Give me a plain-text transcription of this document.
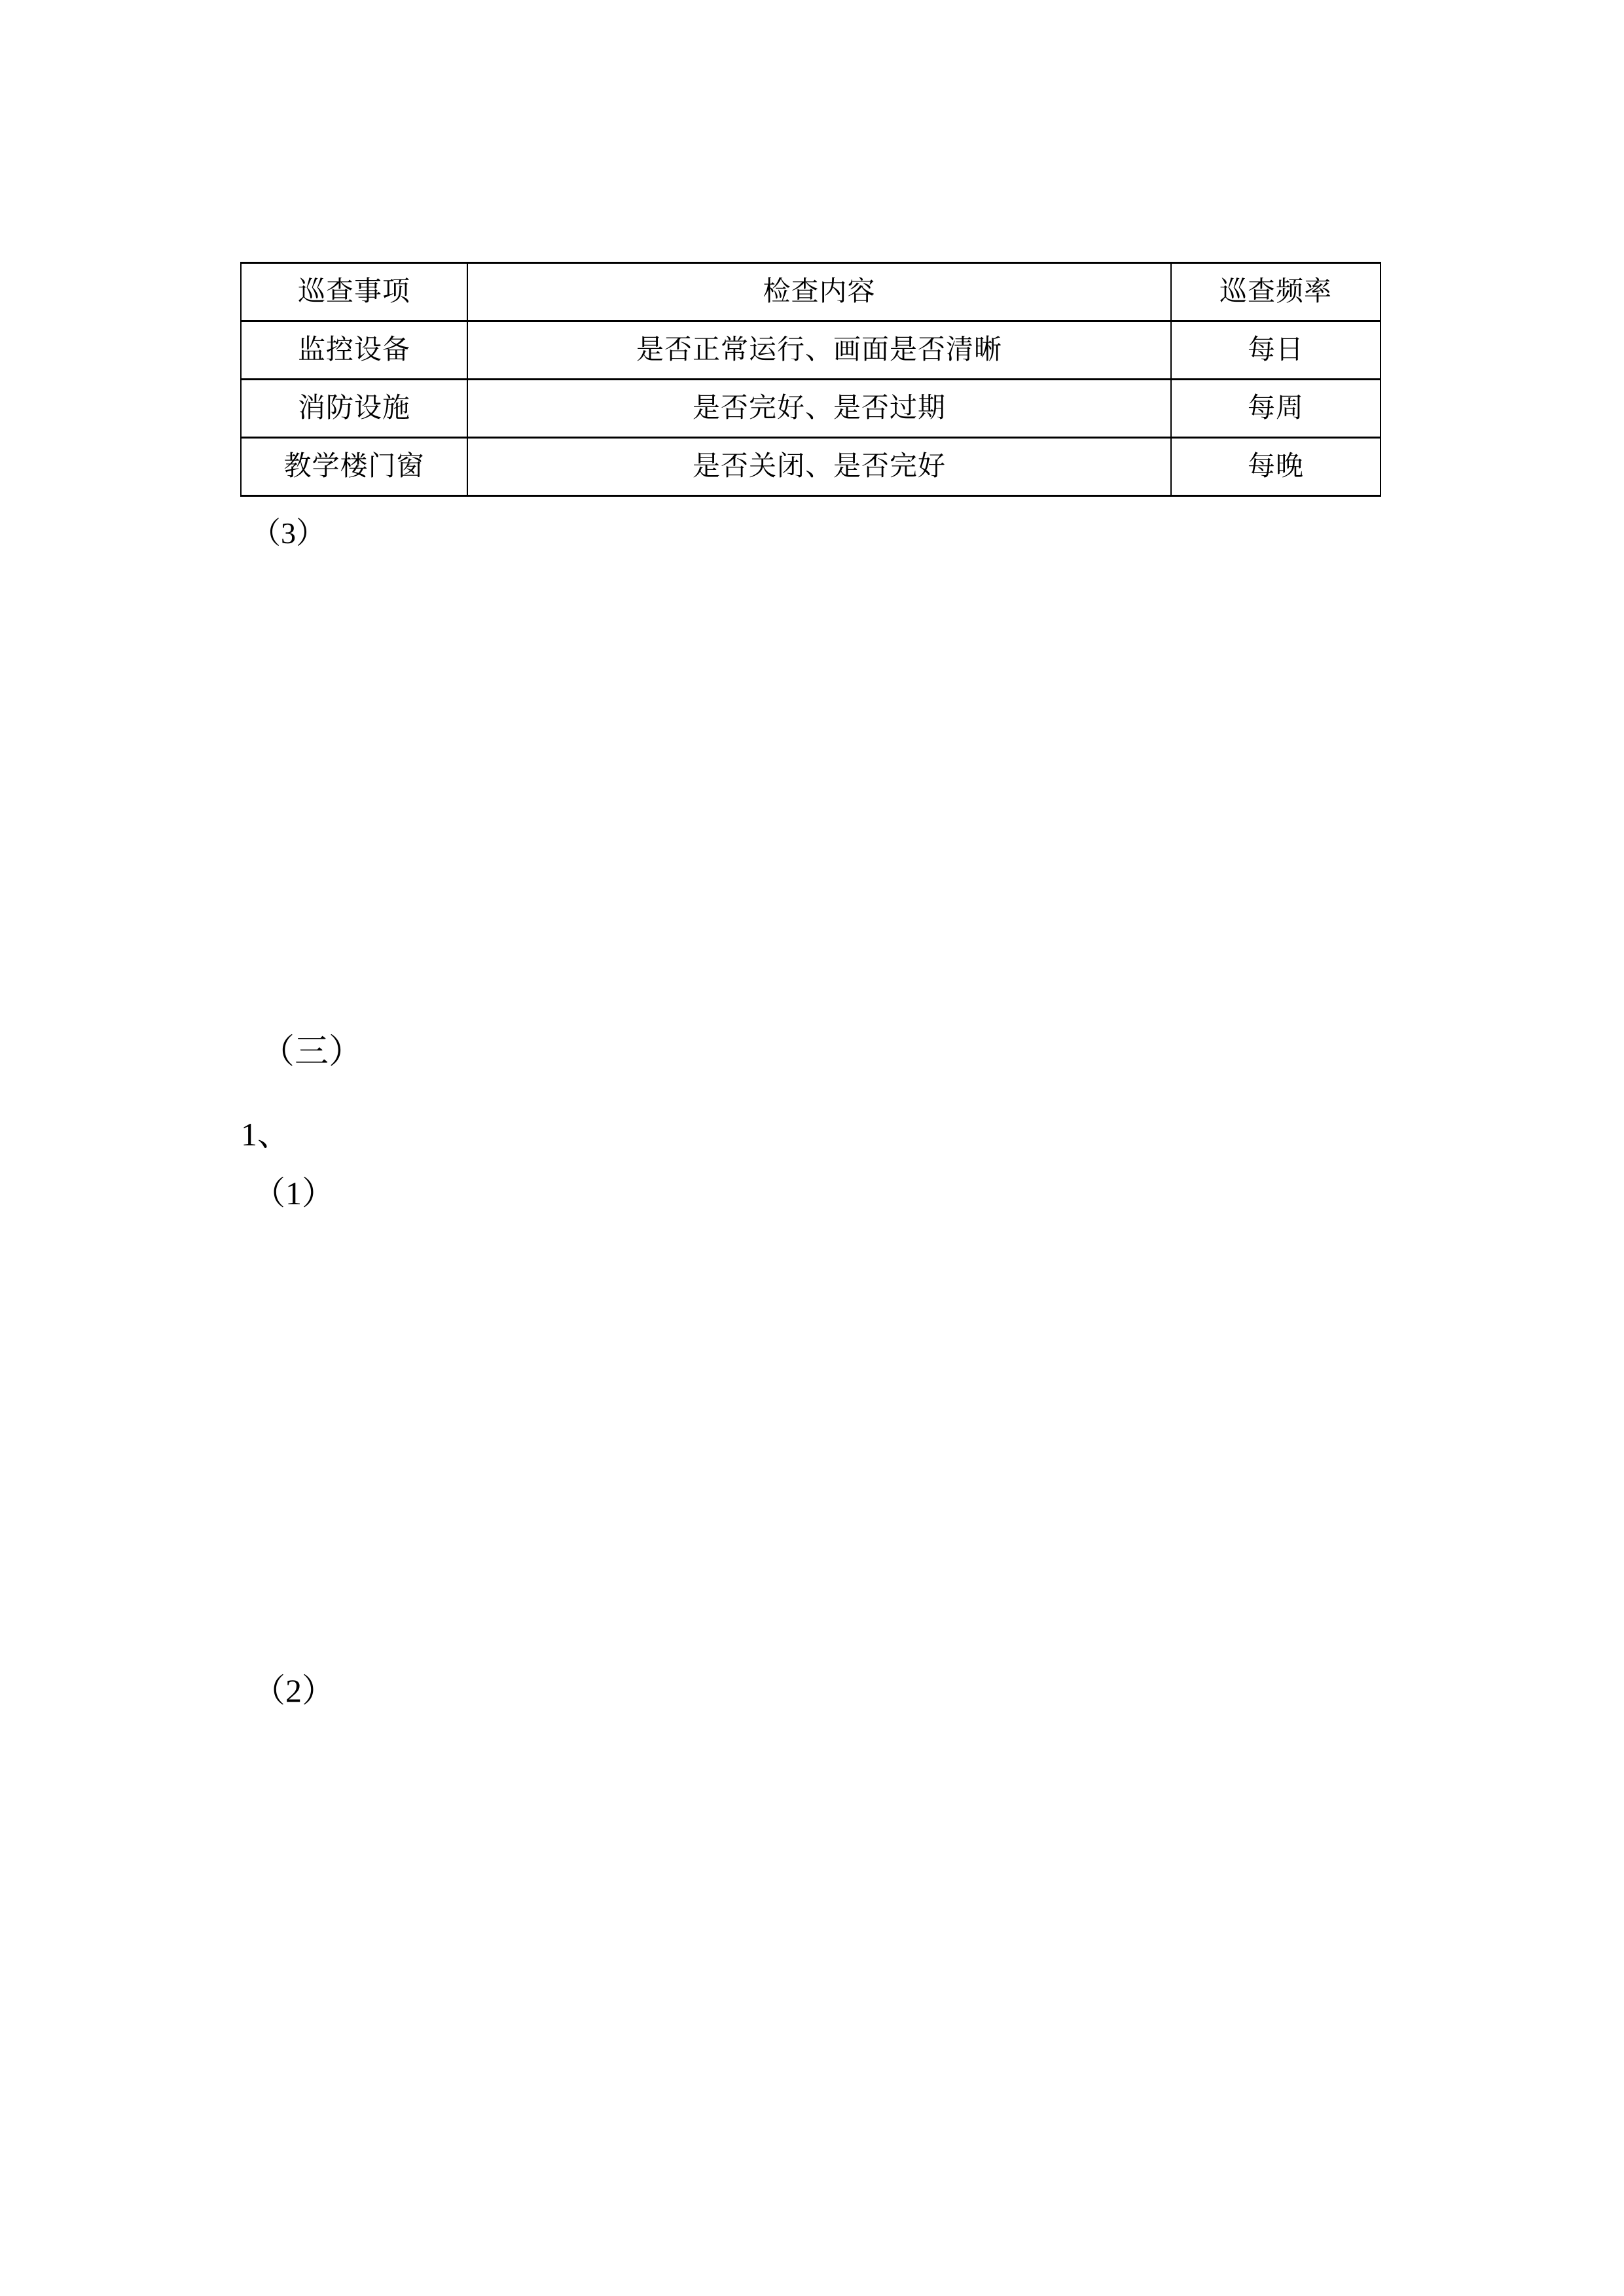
巡查事项	检查内容	巡查频率
监控设备	是否正常运行、画面是否清晰	每日
消防设施	是否完好、是否过期	每周
教学楼门窗	是否关闭、是否完好	每晚
（3）
（三）
1、
（1）
（2）
